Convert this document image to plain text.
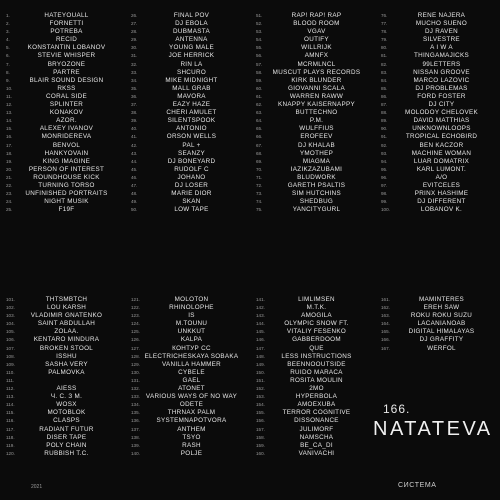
1.	HATEYOUALL
2.	FORNETTI
3.	POTREBA
4.	RECID
5.	KONSTANTIN LOBANOV
6.	STEVIE WHISPER
7.	BRYOZONE
8.	PARTRE
9.	BLAIR SOUND DESIGN
10.	RKSS
11.	CORAL SIDE
12.	SPLINTER
13.	KONAKOV
14.	AZOR.
15.	ALEXEY IVANOV
16.	MONRIDEREVA
17.	BENVOL
18.	HANKYOVAIN
19.	KING IMAGINE
20.	PERSON OF INTEREST
21.	ROUNDHOUSE KICK
22.	TURNING TORSO
23.	UNFINISHED PORTRAITS
24.	NIGHT MUSIK
25.	F19F
26.	FINAL POV
27.	DJ EBOLA
28.	DUBMASTA
29.	ANTENNA
30.	YOUNG MALE
31.	JOE HERRICK
32.	RIN LA
33.	SHCURO
34.	MIKE MIDNIGHT
35.	MALL GRAB
36.	MAVORA
37.	EAZY HAZE
38.	CHÉRI AMULET
39.	SILENTSPOOK
40.	ANTONIO
41.	ORSON WELLS
42.	PAL +
43.	SEANZY
44.	DJ BONEYARD
45.	RUDOLF C
46.	JOHANO
47.	DJ LOSER
48.	MARIE DIOR
49.	SKAN
50.	LOW TAPE
51.	RAP! RAP! RAP
52.	BLOOD ROOM
53.	VGAV
54.	OUTIFY
55.	WILLRIJK
56.	AMNFX
57.	MCRMLNCL
58.	MUSCUT PLAYS RECORDS
59.	KIRK BLUNDER
60.	GIOVANNI SCALA
61.	WARREN RAWW
62.	KNAPPY KAISERNAPPY
63.	BUTTECHNO
64.	P.M.
65.	WULFFIUS
66.	EROFEEV
67.	DJ KHALAB
68.	YMOTHEP
69.	MIAGMA
70.	IAZIKZAZUBAMI
71.	BLUDWORK
72.	GARETH PSALTIS
73.	SIM HUTCHINS
74.	SHEDBUG
75.	YANCITYGURL
76.	RENE NAJERA
77.	MUCHO SUENO
78.	DJ RAVEN
79.	SILVESTRE
80.	A I W A
81.	THINGAMAJICKS
82.	99LETTERS
83.	NISSAN GROOVE
84.	MARCO LAZOVIC
85.	DJ PROBLEMAS
86.	FORD FOSTER
87.	DJ CITY
88.	MOLODOY CHELOVEK
89.	DAVID MATTHIAS
90.	UNKNOWNLOOPS
91.	TROPICAL ECHOBIRD
92.	BEN KACZOR
93.	MACHINE WOMAN
94.	LUAR DOMATRIX
95.	KARL LUMONT.
96.	A/O
97.	EVITCELES
98.	PRINX HASHIME
99.	DJ DIFFERENT
100.	LOBANOV K.
101.	THTSMBTCH
102.	LOU KARSH
103.	VLADIMIR GNATENKO
104.	SAINT ABDULLAH
105.	ZOLAA.
106.	KENTARO MINDURA
107.	BROKEN STOOL
108.	ISSHU
109.	SASHA VERY
110.	PALMOVKA
111.
112.	AIESS
113.	Ч. С. З М.
114.	WOSX
115.	MOTOBLOK
116.	CLASPS
117.	RADIANT FUTUR
118.	DISER TAPE
119.	POLY CHAIN
120.	RUBBISH T.C.
121.	MOLOTON
122.	RHINOLOPHE
123.	IS
124.	M.TOUNU
125.	UNKKUT
126.	KALPA
127.	КОНТУР СС
128. ELECTRICHESKAYA SOBAKA
129.	VANILLA HAMMER
130.	CYBELE
131.	GAEL
132.	ATONET
133. VARIOUS WAYS OF NO WAY
134.	ODETE
135.	THRNAX PALM
136.	SYSTEMNAPOTVORA
137.	ANTHEM
138.	TSYO
139.	RASH
140.	POLJE
141.	LIMLIMSEN
142.	M.T.K.
143.	AMOGILA
144.	OLYMPIC SNOW FT.
145.	VITALIY FESENKO
146.	GABBERDOOM
147.	QUE
148.	LESS INSTRUCTIONS
149.	BEENNOOUTSIDE
150.	RUIDO MARACA
151.	ROSITA MOULIN
152.	2MO
153.	HYPERBOLA
154.	AMOÉXUBA
155.	TERROR COGNITIVE
156.	DISSONANCE
157.	JULIMORF
158.	NAMSCHA
159.	BE_CA_DI
160.	VANIVACHI
161.	MAMINTERES
162.	EREH SAW
163.	ROKU ROKU SUZU
164.	LACANIANOAB
165.	DIGITAL HIMALAYAS
166.	DJ GRAFFITY
167.	WERFOL
166.
NATATEVA
2021	СИСТЕМА
